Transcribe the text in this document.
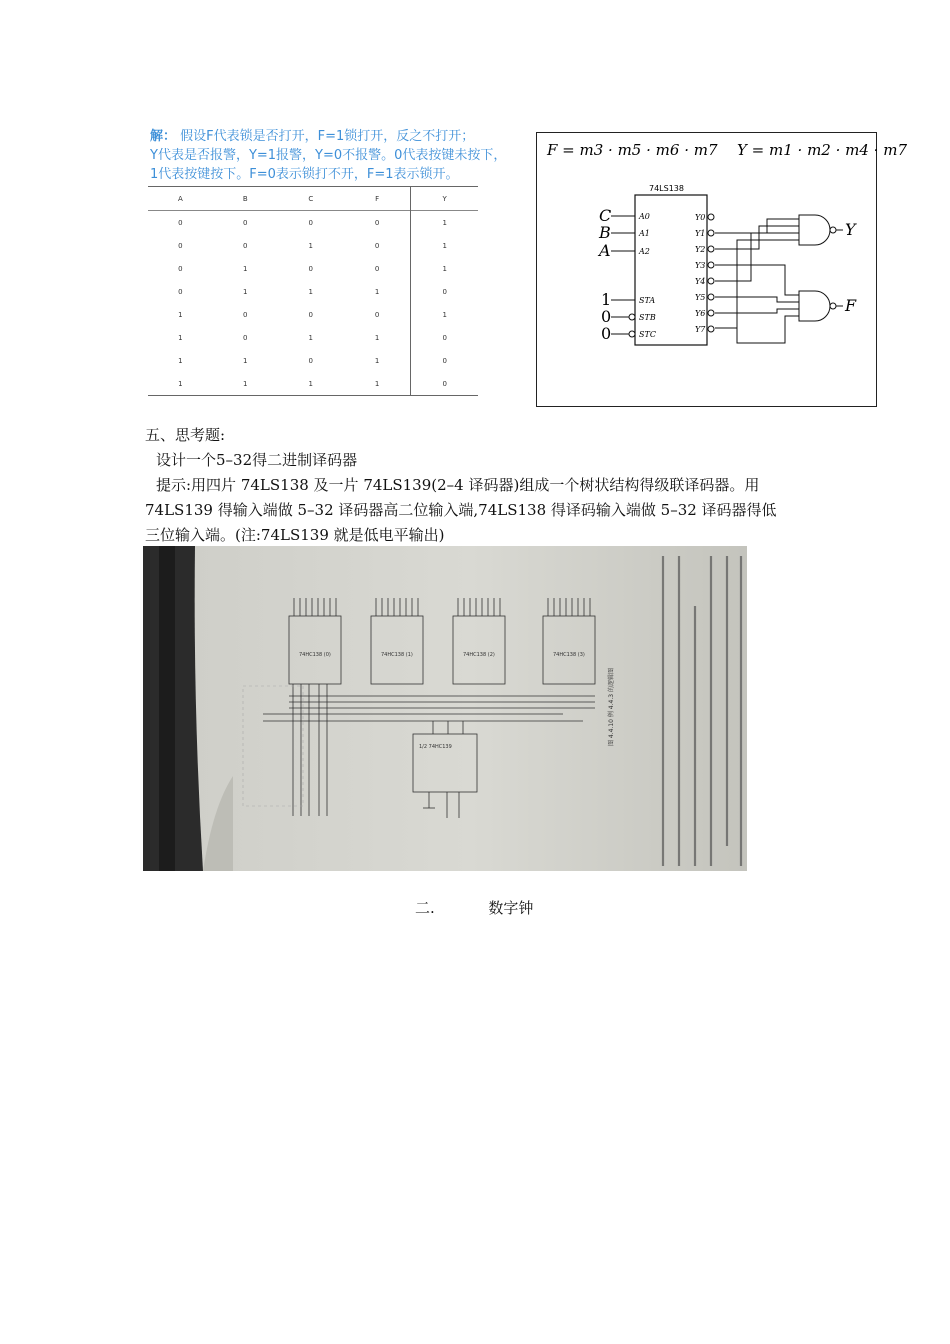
解： 假设F代表锁是否打开，F=1锁打开，反之不打开；
Y代表是否报警，Y=1报警，Y=0不报警。0代表按键未按下，
1代表按键按下。F=0表示锁打不开，F=1表示锁开。
A	B	C	F	Y
0	0	0	0	1
0	0	1	0	1
0	1	0	0	1
0	1	1	1	0
1	0	0	0	1
1	0	1	1	0
1	1	0	1	0
1	1	1	1	0
F = m3 · m5 · m6 · m7 Y = m1 · m2 · m4 · m7
74LS138
C
B
A
A0
A1
A2
1
0
0
STA
STB
STC
Y0
Y1
Y2
Y3
Y4
Y5
Y6
Y7
Y
F
五、思考题:
设计一个5–32得二进制译码器
提示:用四片 74LS138 及一片 74LS139(2–4 译码器)组成一个树状结构得级联译码器。用
74LS139 得输入端做 5–32 译码器高二位输入端,74LS138 得译码输入端做 5–32 译码器得低
三位输入端。(注:74LS139 就是低电平输出)
74HC138 (0)	74HC138 (1)	74HC138 (2)	74HC138 (3)
1/2 74HC139
图 4.4.10 例 4.4.3 的逻辑图
二.	数字钟
